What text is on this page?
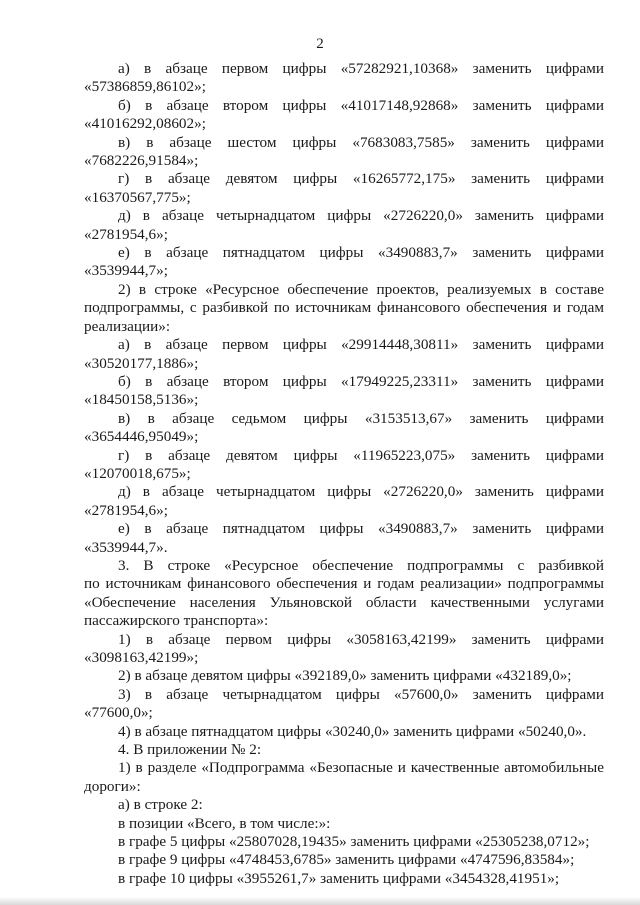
2

а) в абзаце первом цифры «57282921,10368» заменить цифрами

«57386859,86102»;

б) в абзаце втором цифры «41017148,92868» заменить цифрами

«41016292,08602»;

в) в абзаце шестом цифры «7683083,7585» заменить цифрами

«7682226,91584»;

г) в абзаце девятом цифры «16265772,175» заменить цифрами

«16370567,775»;

д) в абзаце четырнадцатом цифры «2726220,0» заменить цифрами

«2781954,6»;

е) в абзаце пятнадцатом цифры «3490883,7» заменить цифрами

«3539944,7»;

2) в строке «Ресурсное обеспечение проектов, реализуемых в составе

подпрограммы, с разбивкой по источникам финансового обеспечения и годам

реализации»:

а) в абзаце первом цифры «29914448,30811» заменить цифрами

«30520177,1886»;

б) в абзаце втором цифры «17949225,23311» заменить цифрами

«18450158,5136»;

в) в абзаце седьмом цифры «3153513,67» заменить цифрами

«3654446,95049»;

г) в абзаце девятом цифры «11965223,075» заменить цифрами

«12070018,675»;

д) в абзаце четырнадцатом цифры «2726220,0» заменить цифрами

«2781954,6»;

е) в абзаце пятнадцатом цифры «3490883,7» заменить цифрами

«3539944,7».

3. В строке «Ресурсное обеспечение подпрограммы с разбивкой

по источникам финансового обеспечения и годам реализации» подпрограммы

«Обеспечение населения Ульяновской области качественными услугами

пассажирского транспорта»:

1) в абзаце первом цифры «3058163,42199» заменить цифрами

«3098163,42199»;

2) в абзаце девятом цифры «392189,0» заменить цифрами «432189,0»;

3) в абзаце четырнадцатом цифры «57600,0» заменить цифрами

«77600,0»;

4) в абзаце пятнадцатом цифры «30240,0» заменить цифрами «50240,0».

4. В приложении № 2:

1) в разделе «Подпрограмма «Безопасные и качественные автомобильные

дороги»:

а) в строке 2:

в позиции «Всего, в том числе:»:

в графе 5 цифры «25807028,19435» заменить цифрами «25305238,0712»;

в графе 9 цифры «4748453,6785» заменить цифрами «4747596,83584»;

в графе 10 цифры «3955261,7» заменить цифрами «3454328,41951»;
